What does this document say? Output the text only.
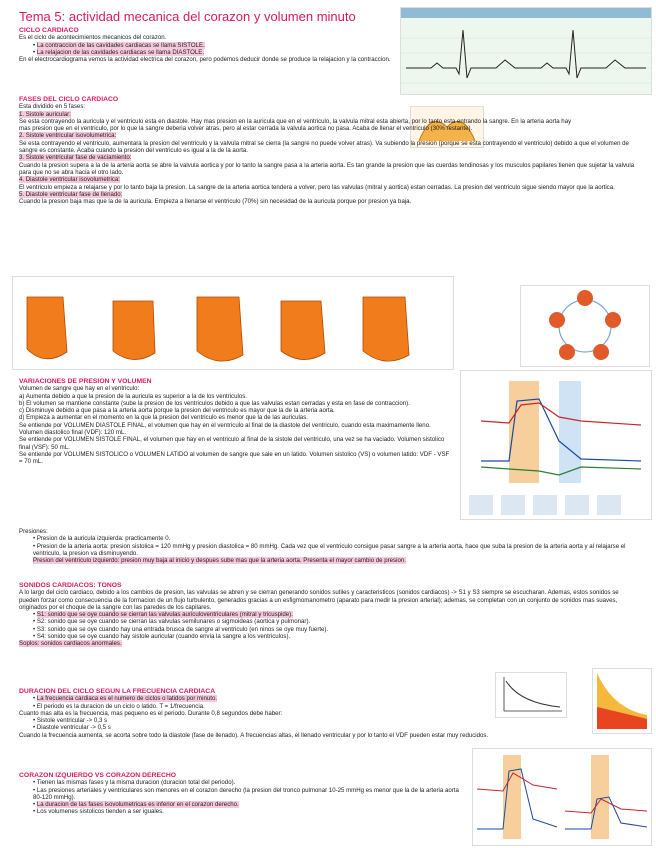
Tema 5: actividad mecanica del corazon y volumen minuto
CICLO CARDIACO
Es el ciclo de acontecimientos mecanicos del corazon.
• La contraccion de las cavidades cardiacas se llama SISTOLE.
• La relajacion de las cavidades cardiacas se llama DIASTOLE.
En el electrocardiograma vemos la actividad electrica del corazon, pero podemos deducir donde se produce la relajacion y la contraccion.
FASES DEL CICLO CARDIACO
Esta dividido en 5 fases:
1. Sistole auricular:
Se esta contrayendo la auricula y el ventriculo esta en diastole. Hay mas presion en la auricula que en el ventriculo, la valvula mitral esta abierta, por lo tanto esta entrando la sangre. En la arteria aorta hay mas presion que en el ventriculo, por lo que la sangre deberia volver atras, pero al estar cerrada la valvula aortica no pasa. Acaba de llenar el ventriculo (30% restante).
2. Sistole ventricular isovolumetrica:
Se esta contrayendo el ventriculo, aumentara la presion del ventriculo y la valvula mitral se cierra (la sangre no puede volver atras). Va subiendo la presion (porque se esta contrayendo el ventriculo) debido a que el volumen de sangre es constante. Acaba cuando la presion del ventriculo es igual a la de la aorta.
3. Sistole ventricular fase de vaciamiento:
Cuando la presion supera a la de la arteria aorta se abre la valvula aortica y por lo tanto la sangre pasa a la arteria aorta. Es tan grande la presion que las cuerdas tendinosas y los musculos papilares tienen que sujetar la valvula para que no se abra hacia el otro lado.
4. Diastole ventricular isovolumetrica:
El ventriculo empieza a relajarse y por lo tanto baja la presion. La sangre de la arteria aortica tendera a volver, pero las valvulas (mitral y aortica) estan cerradas. La presion del ventriculo sigue siendo mayor que la aortica.
5. Diastole ventricular fase de llenado:
Cuando la presion baja mas que la de la auricula. Empieza a llenarse el ventriculo (70%) sin necesidad de la auricula porque por presion ya baja.
VARIACIONES DE PRESION Y VOLUMEN
Volumen de sangre que hay en el ventriculo:
a) Aumenta debido a que la presion de la auricula es superior a la de los ventriculos.
b) El volumen se mantiene constante (sube la presion de los ventriculos debido a que las valvulas estan cerradas y esta en fase de contraccion).
c) Disminuye debido a que pasa a la arteria aorta porque la presion del ventriculo es mayor que la de la arteria aorta.
d) Empieza a aumentar en el momento en la que la presion del ventriculo es menor que la de las auriculas.
Se entiende por VOLUMEN DIASTOLE FINAL, el volumen que hay en el ventriculo al final de la diastole del ventriculo, cuando esta maximamente lleno. Volumen diastolico final (VDF): 120 mL.
Se entiende por VOLUMEN SISTOLE FINAL, el volumen que hay en el ventriculo al final de la sistole del ventriculo, una vez se ha vaciado. Volumen sistolico final (VSF): 50 mL.
Se entiende por VOLUMEN SISTOLICO o VOLUMEN LATIDO al volumen de sangre que sale en un latido. Volumen sistolico (VS) o volumen latido: VDF - VSF = 70 mL.
Presiones:
• Presion de la auricula izquierda: practicamente 0.
• Presion de la arteria aorta: presion sistolica = 120 mmHg y presion diastolica = 80 mmHg. Cada vez que el ventriculo consigue pasar sangre a la arteria aorta, hace que suba la presion de la arteria aorta y al relajarse el ventriculo, la presion va disminuyendo.
Presion del ventriculo izquierdo: presion muy baja al inicio y despues sube mas que la arteria aorta. Presenta el mayor cambio de presion.
SONIDOS CARDIACOS: TONOS
A lo largo del ciclo cardiaco, debido a los cambios de presion, las valvulas se abren y se cierran generando sonidos sutiles y caracteristicos (sonidos cardiacos) -> S1 y S3 siempre se escucharan. Ademas, estos sonidos se pueden forzar como consecuencia de la formacion de un flujo turbulento, generados gracias a un esfigmomanometro (aparato para medir la presion arterial); ademas, se completan con un conjunto de sonidos mas suaves, originados por el choque de la sangre con las paredes de los capilares.
• S1: sonido que se oye cuando se cierran las valvulas auriculoventriculares (mitral y tricuspide).
• S2: sonido que se oye cuando se cierran las valvulas semilunares o sigmoideas (aortica y pulmonar).
• S3: sonido que se oye cuando hay una entrada brusca de sangre al ventriculo (en ninos se oye muy fuerte).
• S4: sonido que se oye cuando hay sistole auricular (cuando envia la sangre a los ventriculos).
Soplos: sonidos cardiacos anormales.
DURACION DEL CICLO SEGUN LA FRECUENCIA CARDIACA
• La frecuencia cardiaca es el numero de ciclos o latidos por minuto.
• El periodo es la duracion de un ciclo o latido. T = 1/frecuencia.
Cuanto mas alta es la frecuencia, mas pequeno es el periodo. Durante 0,8 segundos debe haber:
• Sistole ventricular -> 0,3 s
• Diastole ventricular -> 0,5 s
Cuando la frecuencia aumenta, se acorta sobre todo la diastole (fase de llenado). A frecuencias altas, el llenado ventricular y por lo tanto el VDF pueden estar muy reducidos.
CORAZON IZQUIERDO VS CORAZON DERECHO
• Tienen las mismas fases y la misma duracion (duracion total del periodo).
• Las presiones arteriales y ventriculares son menores en el corazon derecho (la presion del tronco pulmonar 10-25 mmHg es menor que la de la arteria aorta 80-120 mmHg).
• La duracion de las fases isovolumetricas es inferior en el corazon derecho.
• Los volumenes sistolicos tienden a ser iguales.
